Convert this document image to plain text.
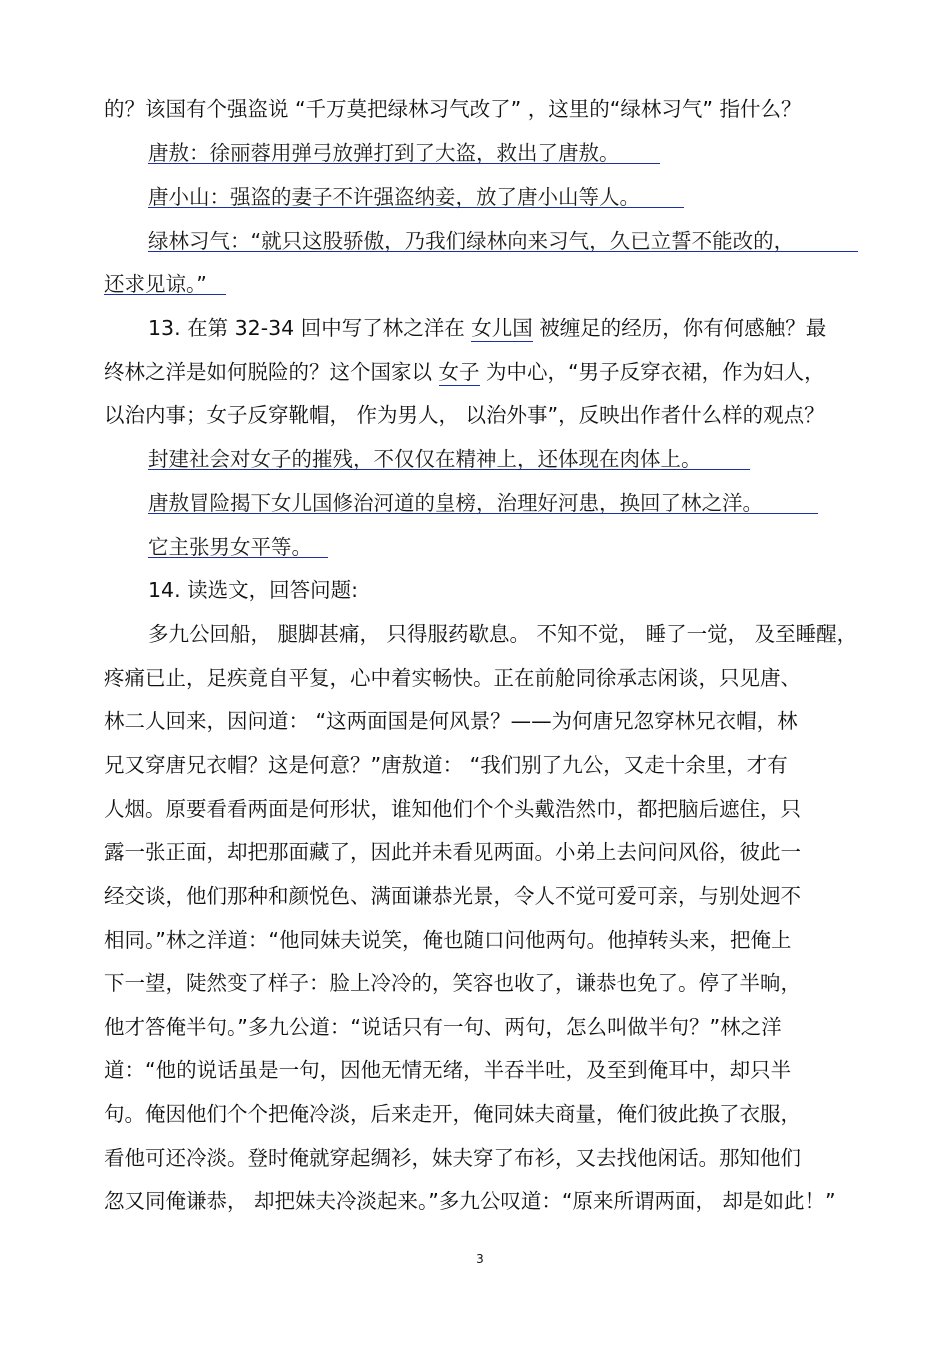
的？该国有个强盗说 “千万莫把绿林习气改了” ，这里的“绿林习气” 指什么？
唐敖：徐丽蓉用弹弓放弹打到了大盗，救出了唐敖。
唐小山：强盗的妻子不许强盗纳妾，放了唐小山等人。
绿林习气：“就只这股骄傲，乃我们绿林向来习气，久已立誓不能改的，
还求见谅。”
13. 在第 32-34 回中写了林之洋在 女儿国 被缠足的经历，你有何感触？最
终林之洋是如何脱险的？这个国家以 女子 为中心，“男子反穿衣裙，作为妇人，
以治内事；女子反穿靴帽， 作为男人， 以治外事”，反映出作者什么样的观点？
封建社会对女子的摧残，不仅仅在精神上，还体现在肉体上。
唐敖冒险揭下女儿国修治河道的皇榜，治理好河患，换回了林之洋。
它主张男女平等。
14. 读选文，回答问题:
多九公回船， 腿脚甚痛， 只得服药歇息。 不知不觉， 睡了一觉， 及至睡醒，
疼痛已止，足疾竟自平复，心中着实畅快。正在前舱同徐承志闲谈，只见唐、
林二人回来，因问道： “这两面国是何风景？——为何唐兄忽穿林兄衣帽，林
兄又穿唐兄衣帽？这是何意？”唐敖道： “我们别了九公，又走十余里，才有
人烟。原要看看两面是何形状，谁知他们个个头戴浩然巾，都把脑后遮住，只
露一张正面，却把那面藏了，因此并未看见两面。小弟上去问问风俗，彼此一
经交谈，他们那种和颜悦色、满面谦恭光景，令人不觉可爱可亲，与别处迥不
相同。”林之洋道：“他同妹夫说笑，俺也随口问他两句。他掉转头来，把俺上
下一望，陡然变了样子：脸上冷冷的，笑容也收了，谦恭也免了。停了半晌，
他才答俺半句。”多九公道：“说话只有一句、两句，怎么叫做半句？”林之洋
道：“他的说话虽是一句，因他无情无绪，半吞半吐，及至到俺耳中，却只半
句。俺因他们个个把俺冷淡，后来走开，俺同妹夫商量，俺们彼此换了衣服，
看他可还冷淡。登时俺就穿起绸衫，妹夫穿了布衫，又去找他闲话。那知他们
忽又同俺谦恭， 却把妹夫冷淡起来。”多九公叹道：“原来所谓两面， 却是如此！”
3
